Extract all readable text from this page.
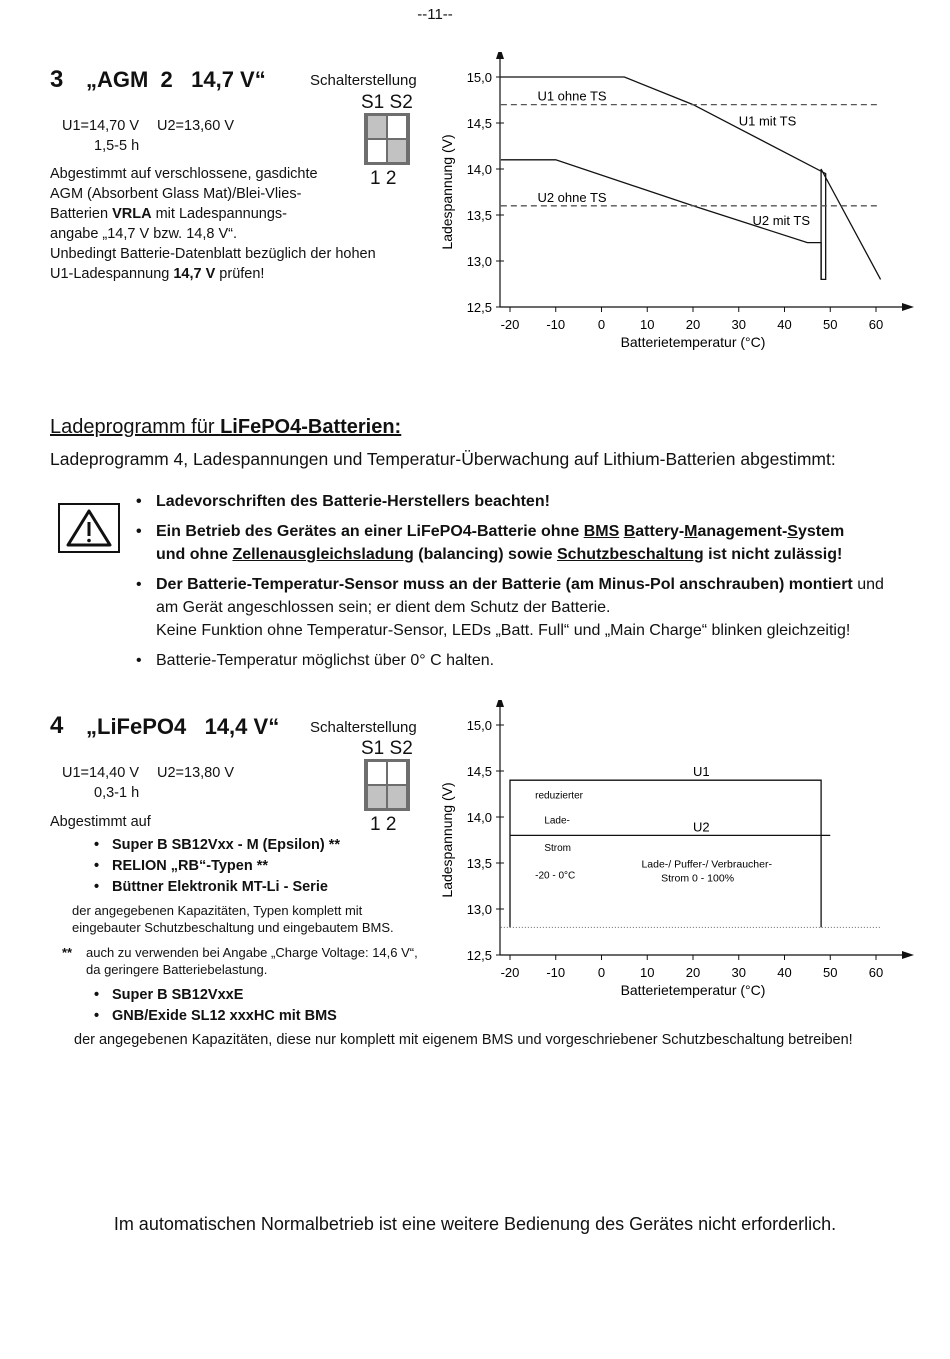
--11--
3 „AGM  2   14,7 V“	Schalterstellung
S1 S2
1 2
U1=14,70 V U2=13,60 V
1,5-5 h

Abgestimmt auf verschlossene, gasdichte

AGM (Absorbent Glass Mat)/Blei-Vlies-

Batterien VRLA mit Ladespannungs-

angabe „14,7 V bzw. 14,8 V“.

Unbedingt Batterie-Datenblatt bezüglich der hohen

U1-Ladespannung 14,7 V prüfen!

12,5
13,0
13,5
14,0
14,5
15,0
-20 -10	0	10 20 30 40 50 60
Batterietemperatur (°C)
Ladespannung (V)
U1 ohne TS
U1 mit TS
U2 ohne TS
U2 mit TS
Ladeprogramm für LiFePO4-Batterien:
Ladeprogramm 4, Ladespannungen und Temperatur-Überwachung auf Lithium-Batterien abgestimmt:
• Ladevorschriften des Batterie-Herstellers beachten!
• Ein Betrieb des Gerätes an einer LiFePO4-Batterie ohne BMS Battery-Management-System
und ohne Zellenausgleichsladung (balancing) sowie Schutzbeschaltung ist nicht zulässig!
• Der Batterie-Temperatur-Sensor muss an der Batterie (am Minus-Pol anschrauben) montiert und
am Gerät angeschlossen sein; er dient dem Schutz der Batterie.
Keine Funktion ohne Temperatur-Sensor, LEDs „Batt. Full“ und „Main Charge“ blinken gleichzeitig!
• Batterie-Temperatur möglichst über 0° C halten.
4 „LiFePO4   14,4 V“ Schalterstellung
S1 S2
1 2
U1=14,40 V U2=13,80 V
0,3-1 h
Abgestimmt auf
• Super B SB12Vxx - M (Epsilon) **
• RELION „RB“-Typen **
• Büttner Elektronik MT-Li - Serie
der angegebenen Kapazitäten, Typen komplett mit
eingebauter Schutzbeschaltung und eingebautem BMS.
** auch zu verwenden bei Angabe „Charge Voltage: 14,6 V“,
da geringere Batteriebelastung.
• Super B SB12VxxE
• GNB/Exide SL12 xxxHC mit BMS
der angegebenen Kapazitäten, diese nur komplett mit eigenem BMS und vorgeschriebener Schutzbeschaltung betreiben!
12,5
13,0
13,5
14,0
14,5
15,0
-20 -10	0	10 20 30 40 50 60
Batterietemperatur (°C)
Ladespannung (V)
U1
U2
reduzierter
Lade-
Strom
-20 - 0°C
Lade-/ Puffer-/ Verbraucher-
Strom 0 - 100%
Im automatischen Normalbetrieb ist eine weitere Bedienung des Gerätes nicht erforderlich.
